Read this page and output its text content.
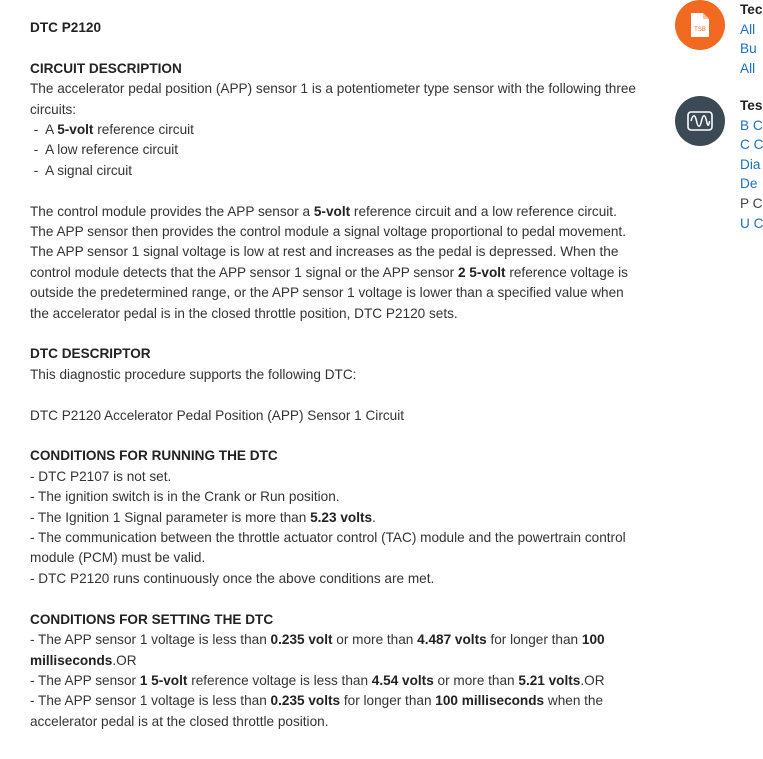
DTC P2120
CIRCUIT DESCRIPTION
The accelerator pedal position (APP) sensor 1 is a potentiometer type sensor with the following three circuits:
-  A 5-volt reference circuit
-  A low reference circuit
-  A signal circuit
The control module provides the APP sensor a 5-volt reference circuit and a low reference circuit. The APP sensor then provides the control module a signal voltage proportional to pedal movement. The APP sensor 1 signal voltage is low at rest and increases as the pedal is depressed. When the control module detects that the APP sensor 1 signal or the APP sensor 2 5-volt reference voltage is outside the predetermined range, or the APP sensor 1 voltage is lower than a specified value when the accelerator pedal is in the closed throttle position, DTC P2120 sets.
DTC DESCRIPTOR
This diagnostic procedure supports the following DTC:
DTC P2120 Accelerator Pedal Position (APP) Sensor 1 Circuit
CONDITIONS FOR RUNNING THE DTC
- DTC P2107 is not set.
- The ignition switch is in the Crank or Run position.
- The Ignition 1 Signal parameter is more than 5.23 volts.
- The communication between the throttle actuator control (TAC) module and the powertrain control module (PCM) must be valid.
- DTC P2120 runs continuously once the above conditions are met.
CONDITIONS FOR SETTING THE DTC
- The APP sensor 1 voltage is less than 0.235 volt or more than 4.487 volts for longer than 100 milliseconds.OR
- The APP sensor 1 5-volt reference voltage is less than 4.54 volts or more than 5.21 volts.OR
- The APP sensor 1 voltage is less than 0.235 volts for longer than 100 milliseconds when the accelerator pedal is at the closed throttle position.
TSB
Tec
All
Bu
All
Tes
B C
C C
Dia
De
P C
U C
